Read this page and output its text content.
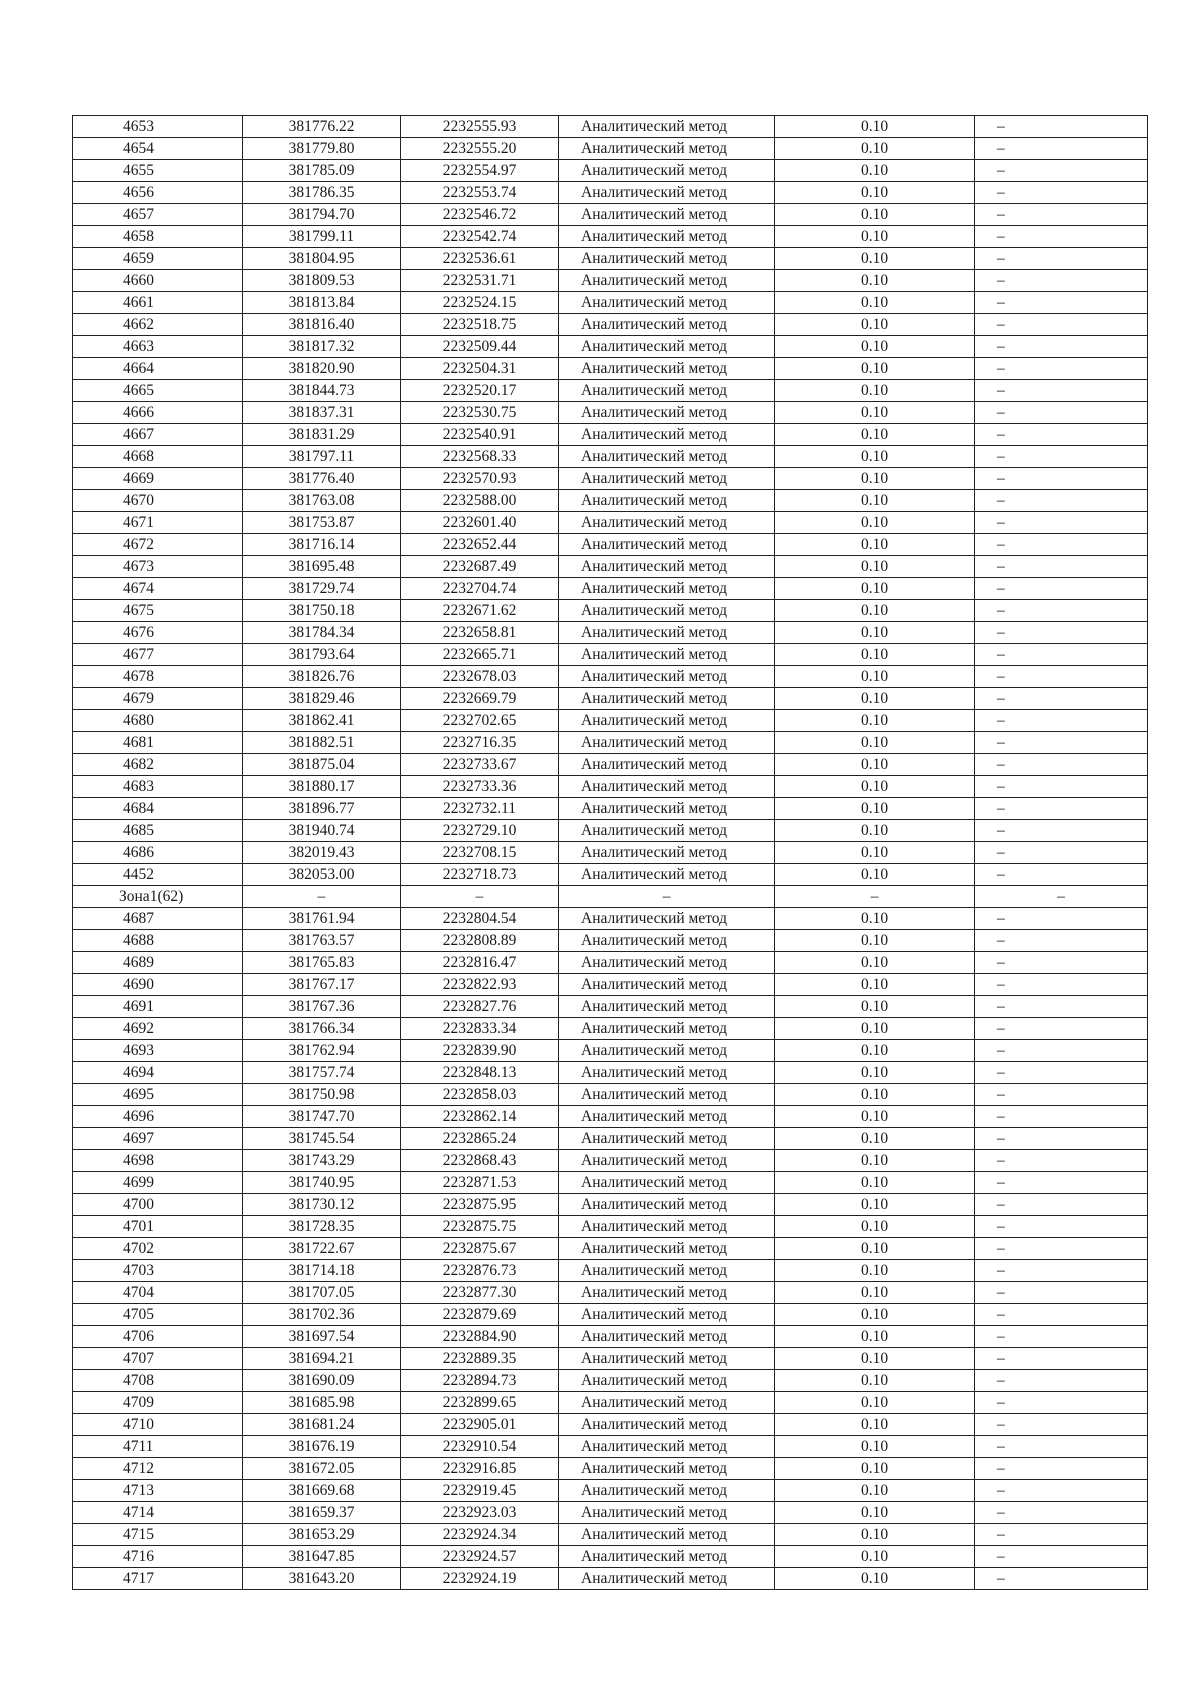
4653	381776.22	2232555.93	Аналитический метод	0.10	–
4654	381779.80	2232555.20	Аналитический метод	0.10	–
4655	381785.09	2232554.97	Аналитический метод	0.10	–
4656	381786.35	2232553.74	Аналитический метод	0.10	–
4657	381794.70	2232546.72	Аналитический метод	0.10	–
4658	381799.11	2232542.74	Аналитический метод	0.10	–
4659	381804.95	2232536.61	Аналитический метод	0.10	–
4660	381809.53	2232531.71	Аналитический метод	0.10	–
4661	381813.84	2232524.15	Аналитический метод	0.10	–
4662	381816.40	2232518.75	Аналитический метод	0.10	–
4663	381817.32	2232509.44	Аналитический метод	0.10	–
4664	381820.90	2232504.31	Аналитический метод	0.10	–
4665	381844.73	2232520.17	Аналитический метод	0.10	–
4666	381837.31	2232530.75	Аналитический метод	0.10	–
4667	381831.29	2232540.91	Аналитический метод	0.10	–
4668	381797.11	2232568.33	Аналитический метод	0.10	–
4669	381776.40	2232570.93	Аналитический метод	0.10	–
4670	381763.08	2232588.00	Аналитический метод	0.10	–
4671	381753.87	2232601.40	Аналитический метод	0.10	–
4672	381716.14	2232652.44	Аналитический метод	0.10	–
4673	381695.48	2232687.49	Аналитический метод	0.10	–
4674	381729.74	2232704.74	Аналитический метод	0.10	–
4675	381750.18	2232671.62	Аналитический метод	0.10	–
4676	381784.34	2232658.81	Аналитический метод	0.10	–
4677	381793.64	2232665.71	Аналитический метод	0.10	–
4678	381826.76	2232678.03	Аналитический метод	0.10	–
4679	381829.46	2232669.79	Аналитический метод	0.10	–
4680	381862.41	2232702.65	Аналитический метод	0.10	–
4681	381882.51	2232716.35	Аналитический метод	0.10	–
4682	381875.04	2232733.67	Аналитический метод	0.10	–
4683	381880.17	2232733.36	Аналитический метод	0.10	–
4684	381896.77	2232732.11	Аналитический метод	0.10	–
4685	381940.74	2232729.10	Аналитический метод	0.10	–
4686	382019.43	2232708.15	Аналитический метод	0.10	–
4452	382053.00	2232718.73	Аналитический метод	0.10	–
Зона1(62)	–	–	–	–	–
4687	381761.94	2232804.54	Аналитический метод	0.10	–
4688	381763.57	2232808.89	Аналитический метод	0.10	–
4689	381765.83	2232816.47	Аналитический метод	0.10	–
4690	381767.17	2232822.93	Аналитический метод	0.10	–
4691	381767.36	2232827.76	Аналитический метод	0.10	–
4692	381766.34	2232833.34	Аналитический метод	0.10	–
4693	381762.94	2232839.90	Аналитический метод	0.10	–
4694	381757.74	2232848.13	Аналитический метод	0.10	–
4695	381750.98	2232858.03	Аналитический метод	0.10	–
4696	381747.70	2232862.14	Аналитический метод	0.10	–
4697	381745.54	2232865.24	Аналитический метод	0.10	–
4698	381743.29	2232868.43	Аналитический метод	0.10	–
4699	381740.95	2232871.53	Аналитический метод	0.10	–
4700	381730.12	2232875.95	Аналитический метод	0.10	–
4701	381728.35	2232875.75	Аналитический метод	0.10	–
4702	381722.67	2232875.67	Аналитический метод	0.10	–
4703	381714.18	2232876.73	Аналитический метод	0.10	–
4704	381707.05	2232877.30	Аналитический метод	0.10	–
4705	381702.36	2232879.69	Аналитический метод	0.10	–
4706	381697.54	2232884.90	Аналитический метод	0.10	–
4707	381694.21	2232889.35	Аналитический метод	0.10	–
4708	381690.09	2232894.73	Аналитический метод	0.10	–
4709	381685.98	2232899.65	Аналитический метод	0.10	–
4710	381681.24	2232905.01	Аналитический метод	0.10	–
4711	381676.19	2232910.54	Аналитический метод	0.10	–
4712	381672.05	2232916.85	Аналитический метод	0.10	–
4713	381669.68	2232919.45	Аналитический метод	0.10	–
4714	381659.37	2232923.03	Аналитический метод	0.10	–
4715	381653.29	2232924.34	Аналитический метод	0.10	–
4716	381647.85	2232924.57	Аналитический метод	0.10	–
4717	381643.20	2232924.19	Аналитический метод	0.10	–
